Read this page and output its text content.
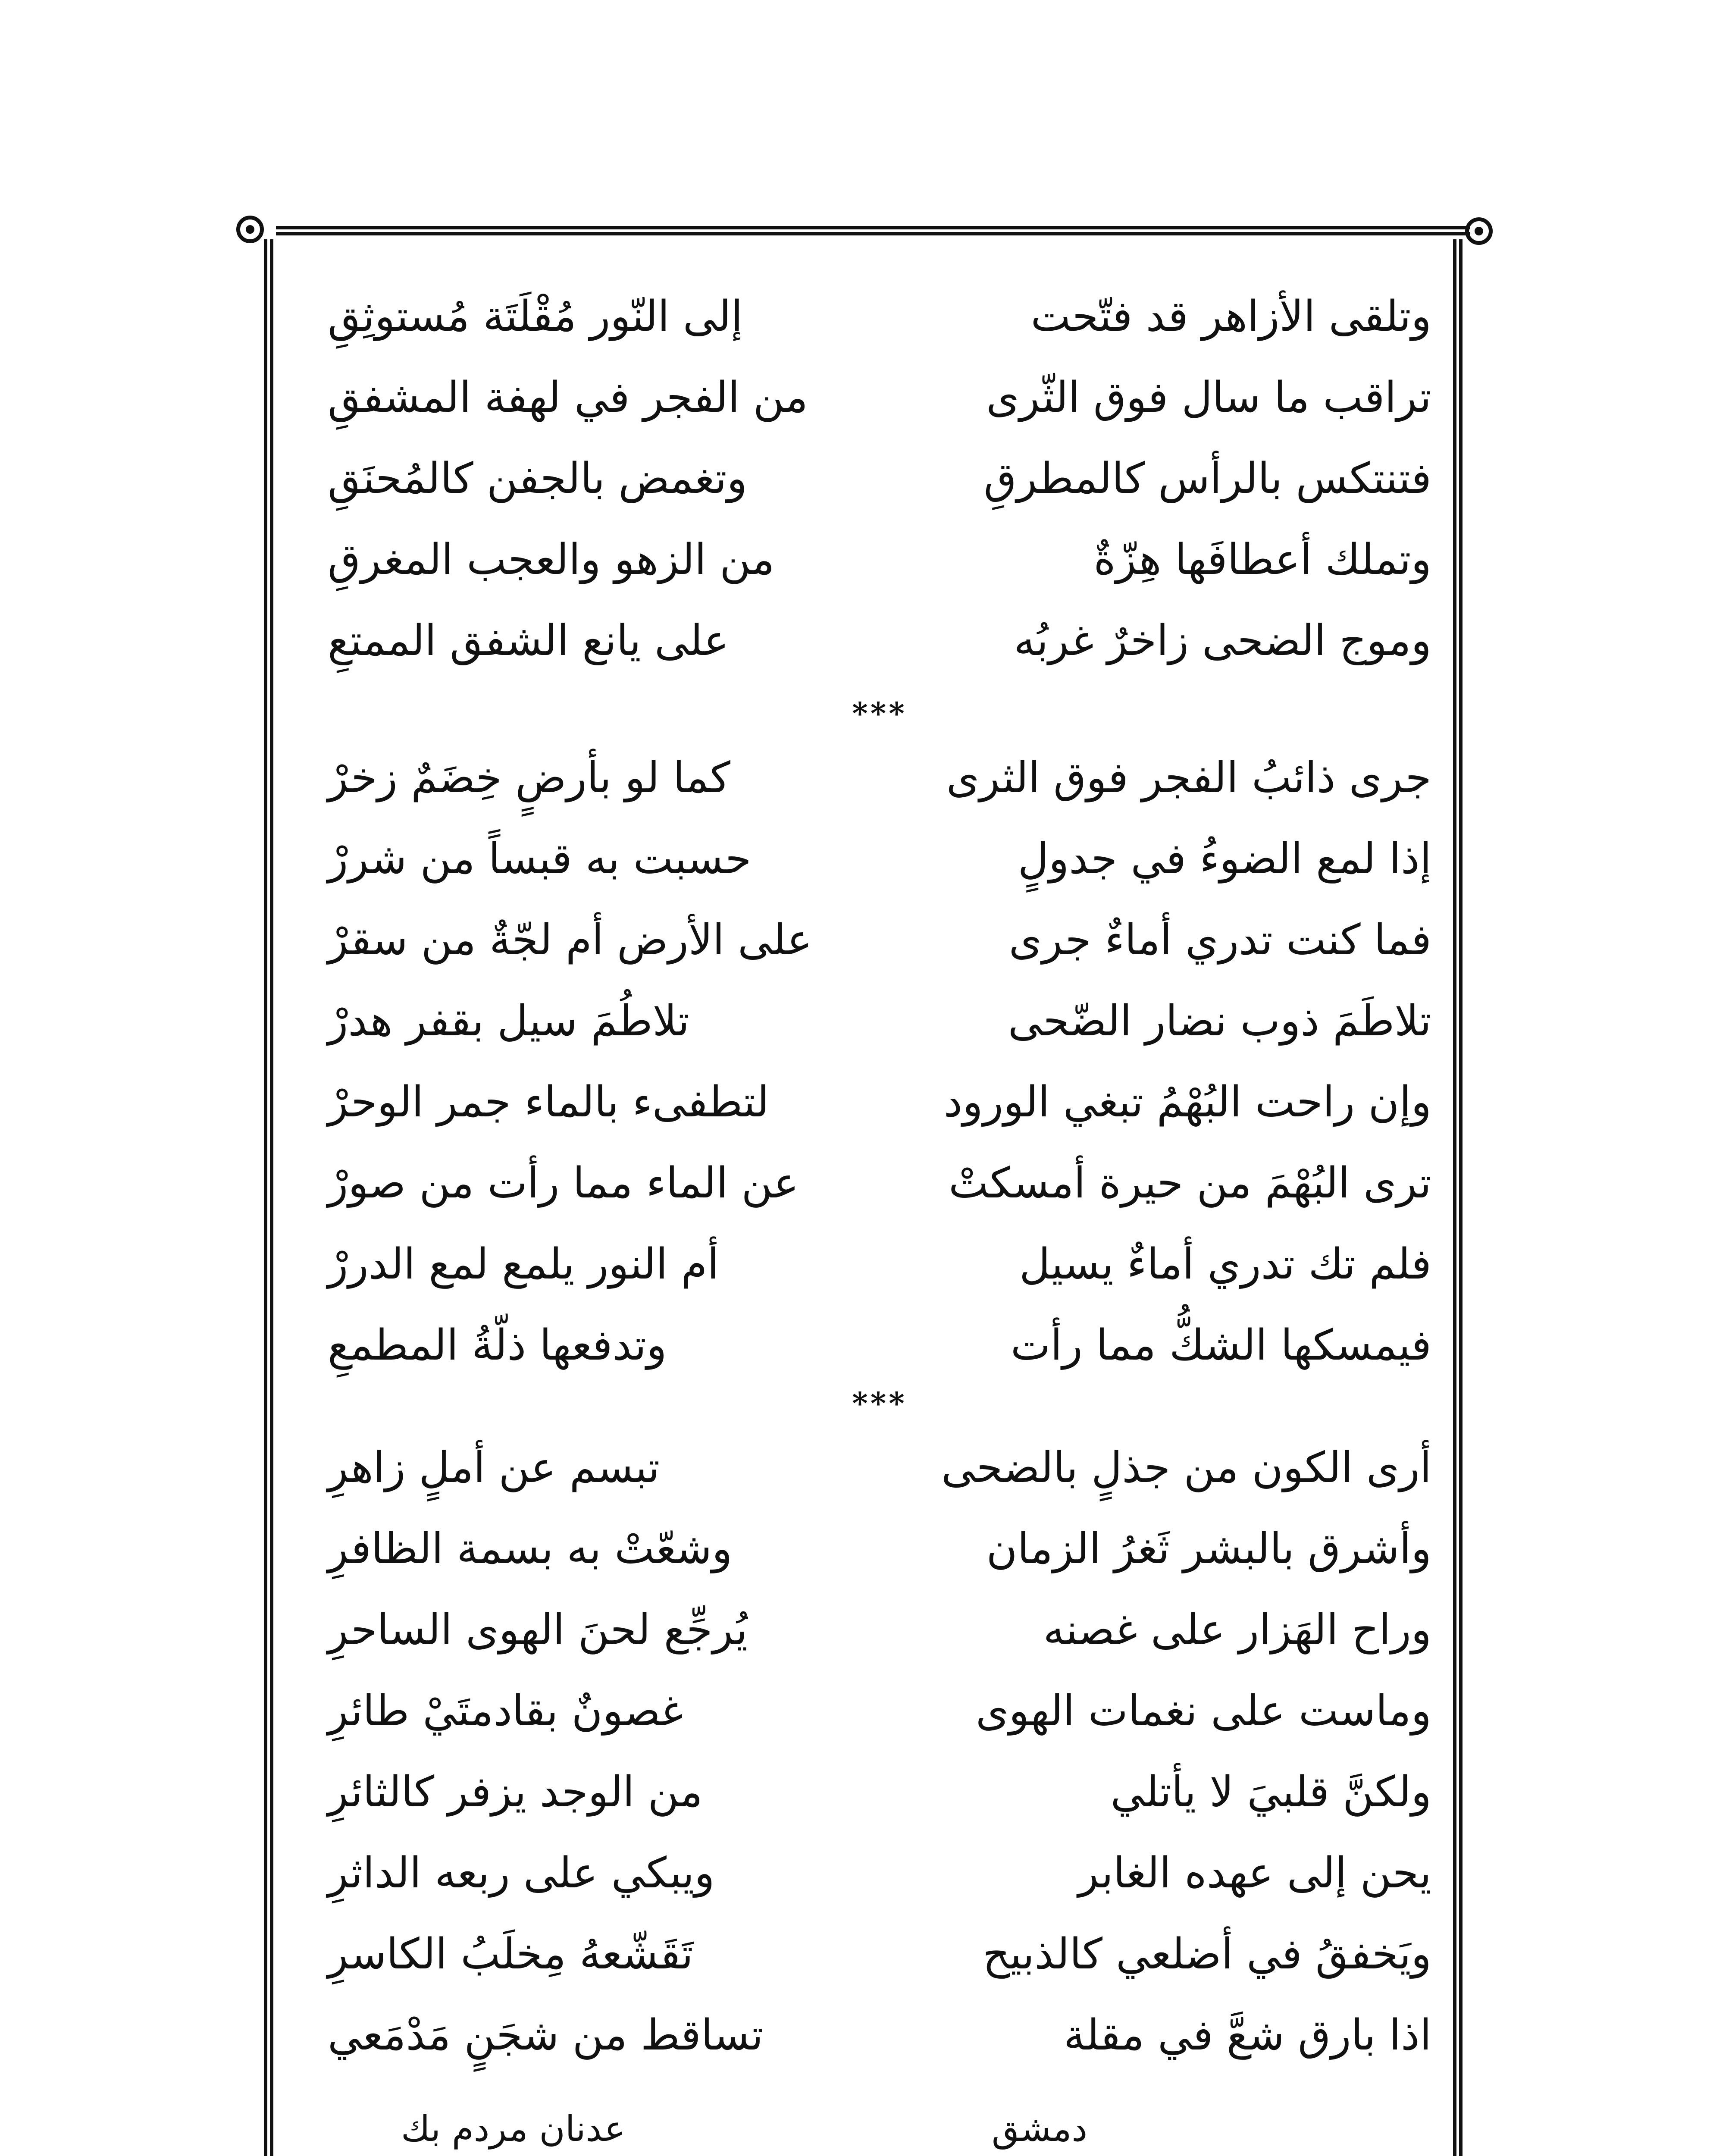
وتلقى الأزاهر قد فتّحت
إلى النّور مُقْلَتَة مُستوثِقِ
تراقب ما سال فوق الثّرى
من الفجر في لهفة المشفقِ
فتنتكس بالرأس كالمطرقِ
وتغمض بالجفن كالمُحنَقِ
وتملك أعطافَها هِزّةٌ
من الزهو والعجب المغرقِ
وموج الضحى زاخرٌ غربُه
على يانع الشفق الممتعِ
***
جرى ذائبُ الفجر فوق الثرى
كما لو بأرضٍ خِضَمٌ زخرْ
إذا لمع الضوءُ في جدولٍ
حسبت به قبساً من شررْ
فما كنت تدري أماءٌ جرى
على الأرض أم لجّةٌ من سقرْ
تلاطَمَ ذوب نضار الضّحى
تلاطُمَ سيل بقفر هدرْ
وإن راحت البُهْمُ تبغي الورود
لتطفىء بالماء جمر الوحرْ
ترى البُهْمَ من حيرة أمسكتْ
عن الماء مما رأت من صورْ
فلم تك تدري أماءٌ يسيل
أم النور يلمع لمع الدررْ
فيمسكها الشكُّ مما رأت
وتدفعها ذلّةُ المطمعِ
***
أرى الكون من جذلٍ بالضحى
تبسم عن أملٍ زاهرِ
وأشرق بالبشر ثَغرُ الزمان
وشعّتْ به بسمة الظافرِ
وراح الهَزار على غصنه
يُرجِّع لحنَ الهوى الساحرِ
وماست على نغمات الهوى
غصونٌ بقادمتَيْ طائرِ
ولكنَّ قلبيَ لا يأتلي
من الوجد يزفر كالثائرِ
يحن إلى عهده الغابر
ويبكي على ربعه الداثرِ
ويَخفقُ في أضلعي كالذبيح
تَقَشّعهُ مِخلَبُ الكاسرِ
اذا بارق شعَّ في مقلة
تساقط من شجَنٍ مَدْمَعي
دمشق
عدنان مردم بك
